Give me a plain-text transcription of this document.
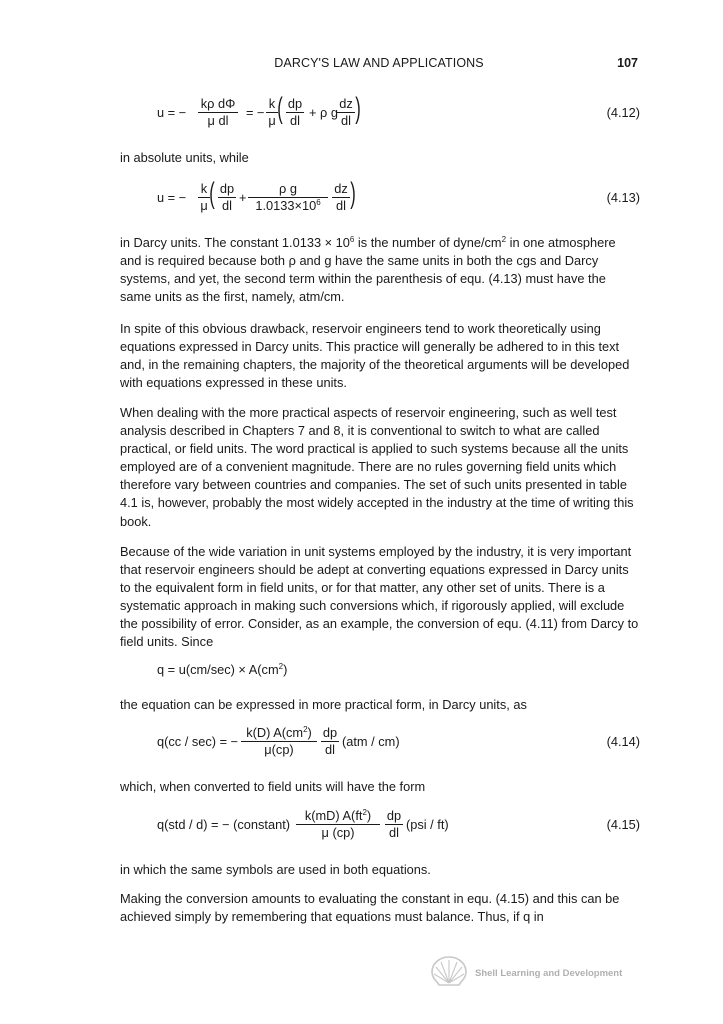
DARCY'S LAW AND APPLICATIONS	107
u = − $\frac{\text{kρ dΦ}}{\text{μ dl}}$ = − $\frac{k}{\mu}$ ( $\frac{dp}{dl} + \rho$ g $\frac{dz}{dl}$ )	(4.12)

in absolute units, while

u = − $\frac{k}{\mu}$ ( $\frac{dp}{dl} + \frac{\text{ρ g}}{1.0133\times 10^6} \frac{dz}{dl}$ )	(4.13)

in Darcy units. The constant $1.0133 \times 10^6$ is the number of dyne/$cm^2$ in one atmosphere and is required because both ρ and g have the same units in both the cgs and Darcy systems, and yet, the second term within the parenthesis of equ. (4.13) must have the same units as the first, namely, atm/cm.

In spite of this obvious drawback, reservoir engineers tend to work theoretically using equations expressed in Darcy units. This practice will generally be adhered to in this text and, in the remaining chapters, the majority of the theoretical arguments will be developed with equations expressed in these units.

When dealing with the more practical aspects of reservoir engineering, such as well test analysis described in Chapters 7 and 8, it is conventional to switch to what are called practical, or field units. The word practical is applied to such systems because all the units employed are of a convenient magnitude. There are no rules governing field units which therefore vary between countries and companies. The set of such units presented in table 4.1 is, however, probably the most widely accepted in the industry at the time of writing this book.

Because of the wide variation in unit systems employed by the industry, it is very important that reservoir engineers should be adept at converting equations expressed in Darcy units to the equivalent form in field units, or for that matter, any other set of units. There is a systematic approach in making such conversions which, if rigorously applied, will exclude the possibility of error. Consider, as an example, the conversion of equ. (4.11) from Darcy to field units. Since

$q = u(cm/\sec) \times A(cm^2)$

the equation can be expressed in more practical form, in Darcy units, as

q(cc / sec) = − $\frac{k(D) A(cm^2)}{\mu(cp)} \frac{dp}{dl} (atm / cm)$	(4.14)

which, when converted to field units will have the form

q(std / d) = − (constant) $\frac{k(mD) A(ft^2)}{\mu (cp)} \frac{dp}{dl} (psi / ft)$	(4.15)

in which the same symbols are used in both equations.

Making the conversion amounts to evaluating the constant in equ. (4.15) and this can be achieved simply by remembering that equations must balance. Thus, if q in

Shell Learning and Development
